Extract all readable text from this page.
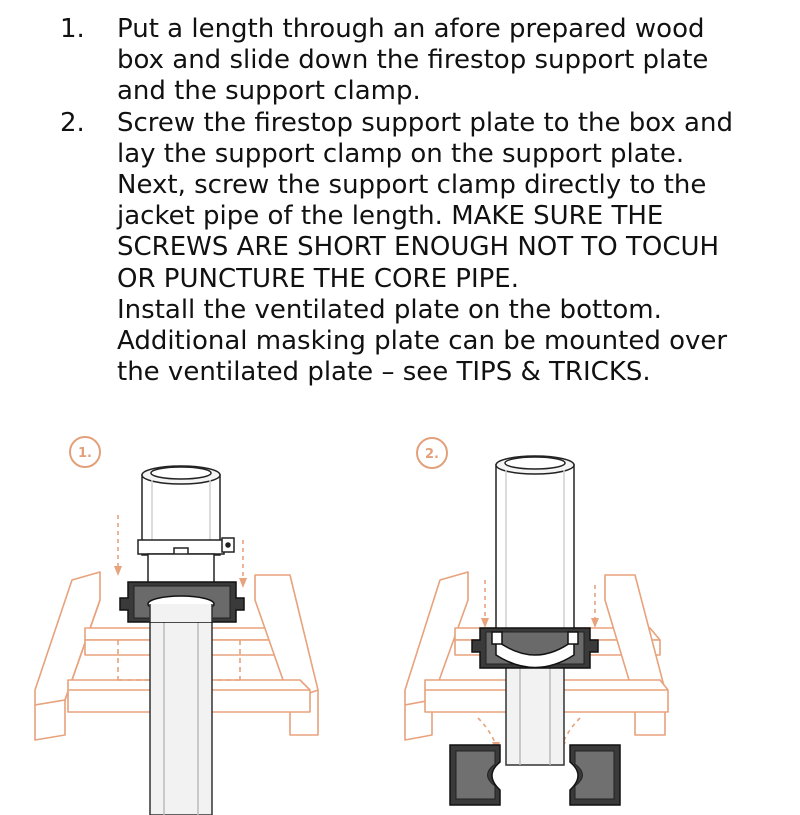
1. Put a length through an afore prepared wood
box and slide down the firestop support plate
and the support clamp.
2. Screw the firestop support plate to the box and
lay the support clamp on the support plate.
Next, screw the support clamp directly to the
jacket pipe of the length. MAKE SURE THE
SCREWS ARE SHORT ENOUGH NOT TO TOCUH
OR PUNCTURE THE CORE PIPE.
Install the ventilated plate on the bottom.
Additional masking plate can be mounted over
the ventilated plate – see TIPS & TRICKS.
1.	2.
